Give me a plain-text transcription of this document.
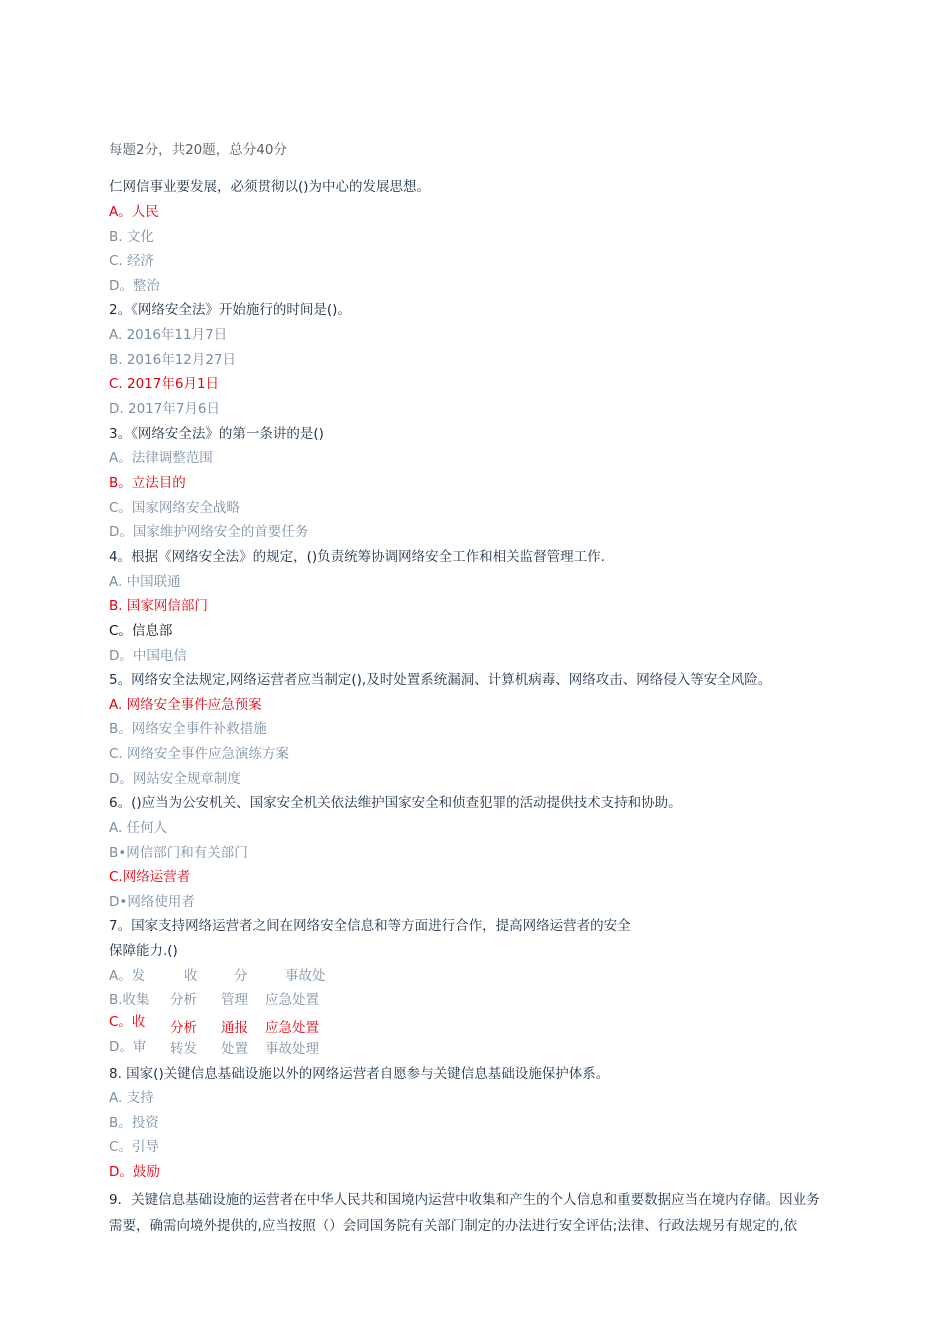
每题2分，共20题，总分40分
仁网信事业要发展，必须贯彻以()为中心的发展思想。
A。人民
B. 文化
C. 经济
D。整治
2。《网络安全法》开始施行的时间是()。
A. 2016年11月7日
B. 2016年12月27日
C. 2017年6月1日
D. 2017年7月6日
3。《网络安全法》的第一条讲的是()
A。法律调整范围
B。立法目的
C。国家网络安全战略
D。国家维护网络安全的首要任务
4。根据《网络安全法》的规定，()负责统筹协调网络安全工作和相关监督管理工作.
A. 中国联通
B. 国家网信部门
C。信息部
D。中国电信
5。网络安全法规定,网络运营者应当制定(),及时处置系统漏洞、计算机病毒、网络攻击、网络侵入等安全风险。
A. 网络安全事件应急预案
B。网络安全事件补救措施
C. 网络安全事件应急演练方案
D。网站安全规章制度
6。()应当为公安机关、国家安全机关依法维护国家安全和侦查犯罪的活动提供技术支持和协助。
A. 任何人
B•网信部门和有关部门
C.网络运营者
D•网络使用者
7。国家支持网络运营者之间在网络安全信息和等方面进行合作，提高网络运营者的安全
保障能力.()
A。发	收	分	事故处
B.收集 分析 管理 应急处置
C。收 分析 通报 应急处置
D。审 转发 处置 事故处理
8. 国家()关键信息基础设施以外的网络运营者自愿参与关键信息基础设施保护体系。
A. 支持
B。投资
C。引导
D。鼓励
9．关键信息基础设施的运营者在中华人民共和国境内运营中收集和产生的个人信息和重要数据应当在境内存储。因业务需要，确需向境外提供的,应当按照（）会同国务院有关部门制定的办法进行安全评估;法律、行政法规另有规定的,依
